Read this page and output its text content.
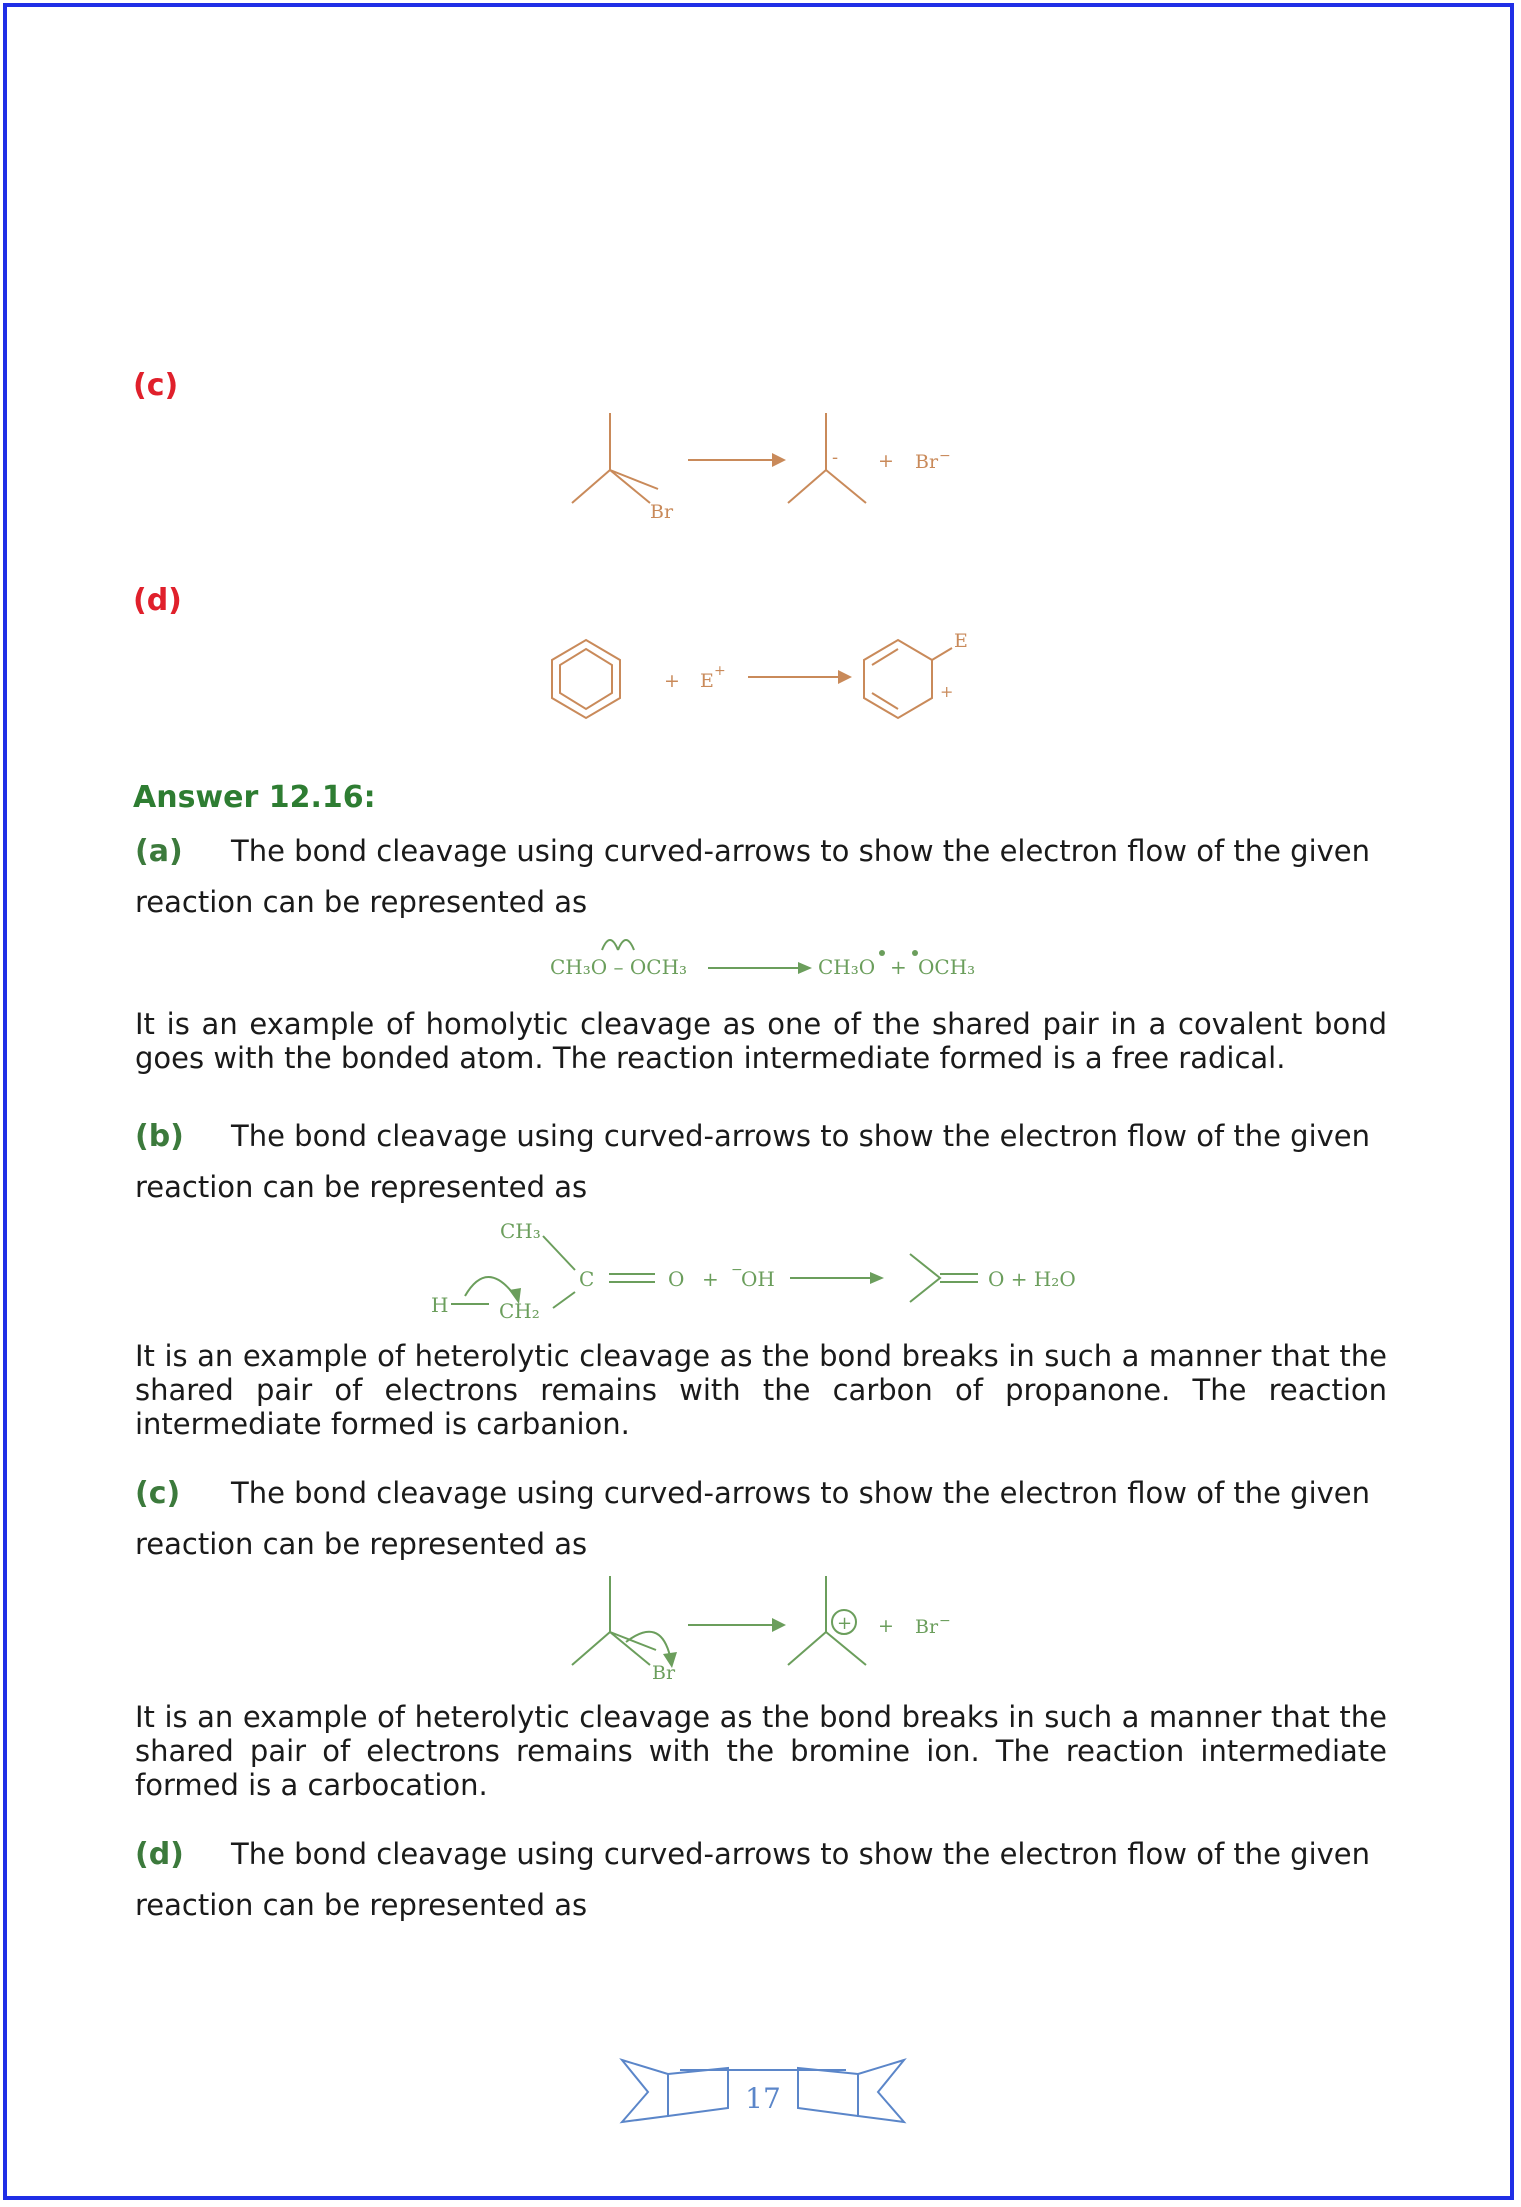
(c)
Br
- + Br −
(d)
+ E +
E
+
Answer 12.16:
(a) The bond cleavage using curved-arrows to show the electron flow of the given
reaction can be represented as
CH₃O – OCH₃	CH₃O + OCH₃
It is an example of homolytic cleavage as one of the shared pair in a covalent bond goes with the bonded atom. The reaction intermediate formed is a free radical.
(b) The bond cleavage using curved-arrows to show the electron flow of the given
reaction can be represented as
CH₃
H	CH₂
C	O + −
OH	O + H₂O
It is an example of heterolytic cleavage as the bond breaks in such a manner that the shared pair of electrons remains with the carbon of propanone. The reaction intermediate formed is carbanion.
(c) The bond cleavage using curved-arrows to show the electron flow of the given
reaction can be represented as
Br
+ + Br −
It is an example of heterolytic cleavage as the bond breaks in such a manner that the shared pair of electrons remains with the bromine ion. The reaction intermediate formed is a carbocation.
(d) The bond cleavage using curved-arrows to show the electron flow of the given
reaction can be represented as
17
